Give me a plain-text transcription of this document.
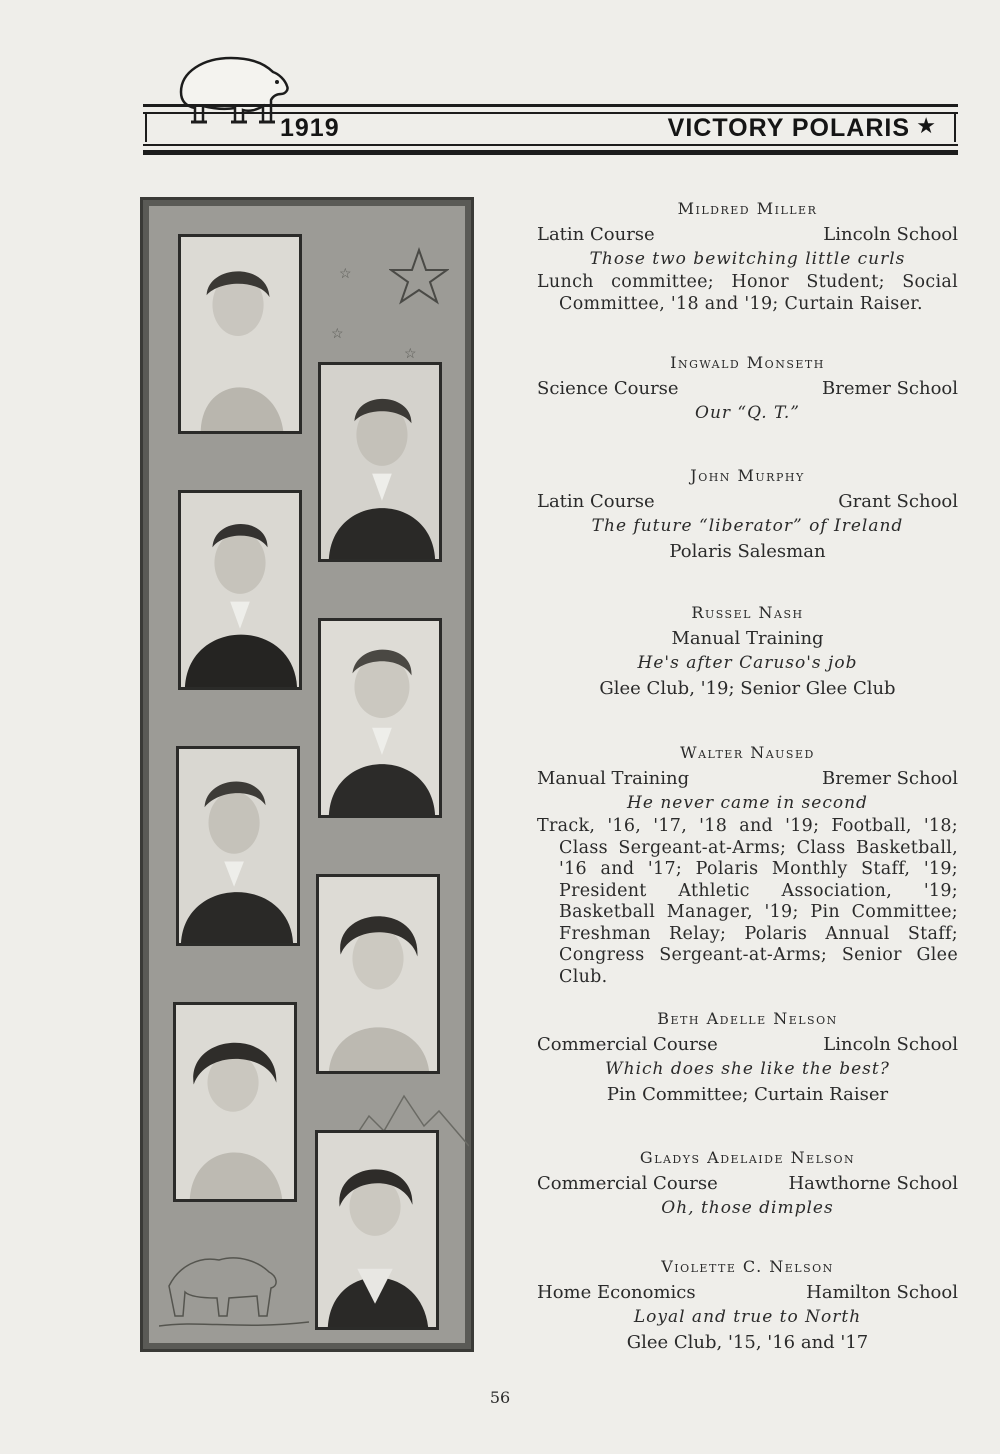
1919	VICTORY POLARIS ★
☆
☆
☆
Mildred Miller
Latin Course	Lincoln School
Those two bewitching little curls
Lunch committee; Honor Student; Social Committee, '18 and '19; Curtain Raiser.
Ingwald Monseth
Science Course	Bremer School
Our “Q. T.”
John Murphy
Latin Course	Grant School
The future “liberator” of Ireland
Polaris Salesman
Russel Nash
Manual Training
He's after Caruso's job
Glee Club, '19; Senior Glee Club
Walter Naused
Manual Training	Bremer School
He never came in second
Track, '16, '17, '18 and '19; Football, '18; Class Sergeant-at-Arms; Class Basketball, '16 and '17; Polaris Monthly Staff, '19; President Athletic Association, '19; Basketball Manager, '19; Pin Committee; Freshman Relay; Polaris Annual Staff; Congress Sergeant-at-Arms; Senior Glee Club.
Beth Adelle Nelson
Commercial Course	Lincoln School
Which does she like the best?
Pin Committee; Curtain Raiser
Gladys Adelaide Nelson
Commercial Course	Hawthorne School
Oh, those dimples
Violette C. Nelson
Home Economics	Hamilton School
Loyal and true to North
Glee Club, '15, '16 and '17
56
